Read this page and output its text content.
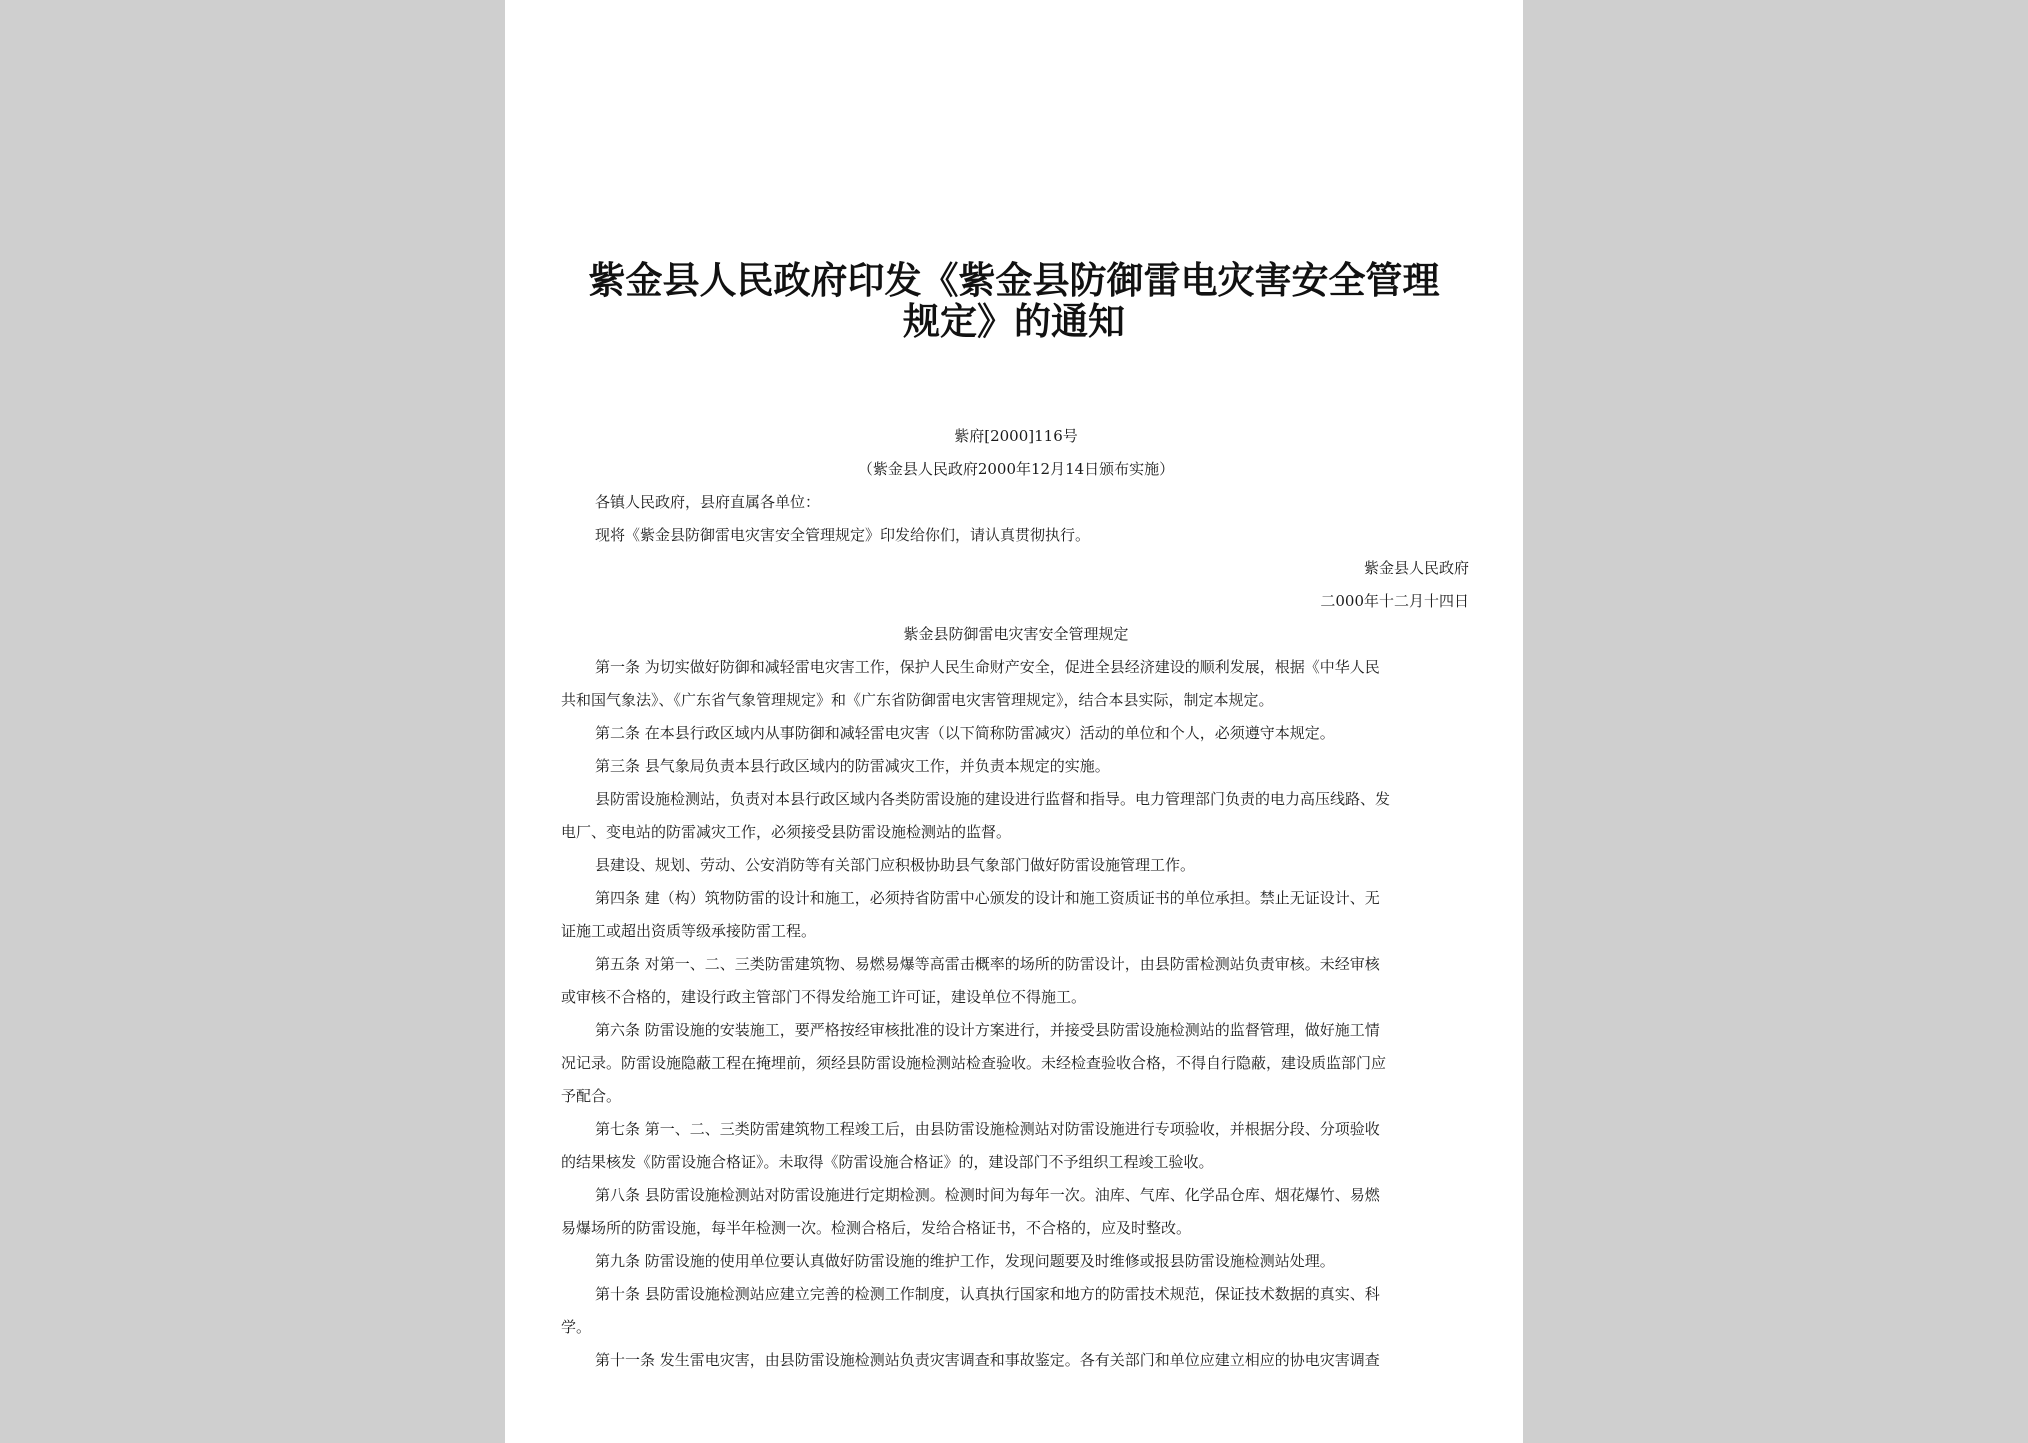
紫金县人民政府印发《紫金县防御雷电灾害安全管理
规定》的通知

紫府[2000]116号

（紫金县人民政府2000年12月14日颁布实施）

各镇人民政府，县府直属各单位：

现将《紫金县防御雷电灾害安全管理规定》印发给你们，请认真贯彻执行。

紫金县人民政府

二000年十二月十四日

紫金县防御雷电灾害安全管理规定

第一条 为切实做好防御和减轻雷电灾害工作，保护人民生命财产安全，促进全县经济建设的顺利发展，根据《中华人民
共和国气象法》、《广东省气象管理规定》和《广东省防御雷电灾害管理规定》，结合本县实际，制定本规定。

第二条 在本县行政区域内从事防御和减轻雷电灾害（以下简称防雷减灾）活动的单位和个人，必须遵守本规定。

第三条 县气象局负责本县行政区域内的防雷减灾工作，并负责本规定的实施。

县防雷设施检测站，负责对本县行政区域内各类防雷设施的建设进行监督和指导。电力管理部门负责的电力高压线路、发
电厂、变电站的防雷减灾工作，必须接受县防雷设施检测站的监督。

县建设、规划、劳动、公安消防等有关部门应积极协助县气象部门做好防雷设施管理工作。

第四条 建（构）筑物防雷的设计和施工，必须持省防雷中心颁发的设计和施工资质证书的单位承担。禁止无证设计、无
证施工或超出资质等级承接防雷工程。

第五条 对第一、二、三类防雷建筑物、易燃易爆等高雷击概率的场所的防雷设计，由县防雷检测站负责审核。未经审核
或审核不合格的，建设行政主管部门不得发给施工许可证，建设单位不得施工。

第六条 防雷设施的安装施工，要严格按经审核批准的设计方案进行，并接受县防雷设施检测站的监督管理，做好施工情
况记录。防雷设施隐蔽工程在掩埋前，须经县防雷设施检测站检查验收。未经检查验收合格，不得自行隐蔽，建设质监部门应
予配合。

第七条 第一、二、三类防雷建筑物工程竣工后，由县防雷设施检测站对防雷设施进行专项验收，并根据分段、分项验收
的结果核发《防雷设施合格证》。未取得《防雷设施合格证》的，建设部门不予组织工程竣工验收。

第八条 县防雷设施检测站对防雷设施进行定期检测。检测时间为每年一次。油库、气库、化学品仓库、烟花爆竹、易燃
易爆场所的防雷设施，每半年检测一次。检测合格后，发给合格证书，不合格的，应及时整改。

第九条 防雷设施的使用单位要认真做好防雷设施的维护工作，发现问题要及时维修或报县防雷设施检测站处理。

第十条 县防雷设施检测站应建立完善的检测工作制度，认真执行国家和地方的防雷技术规范，保证技术数据的真实、科
学。

第十一条 发生雷电灾害，由县防雷设施检测站负责灾害调查和事故鉴定。各有关部门和单位应建立相应的协电灾害调查
